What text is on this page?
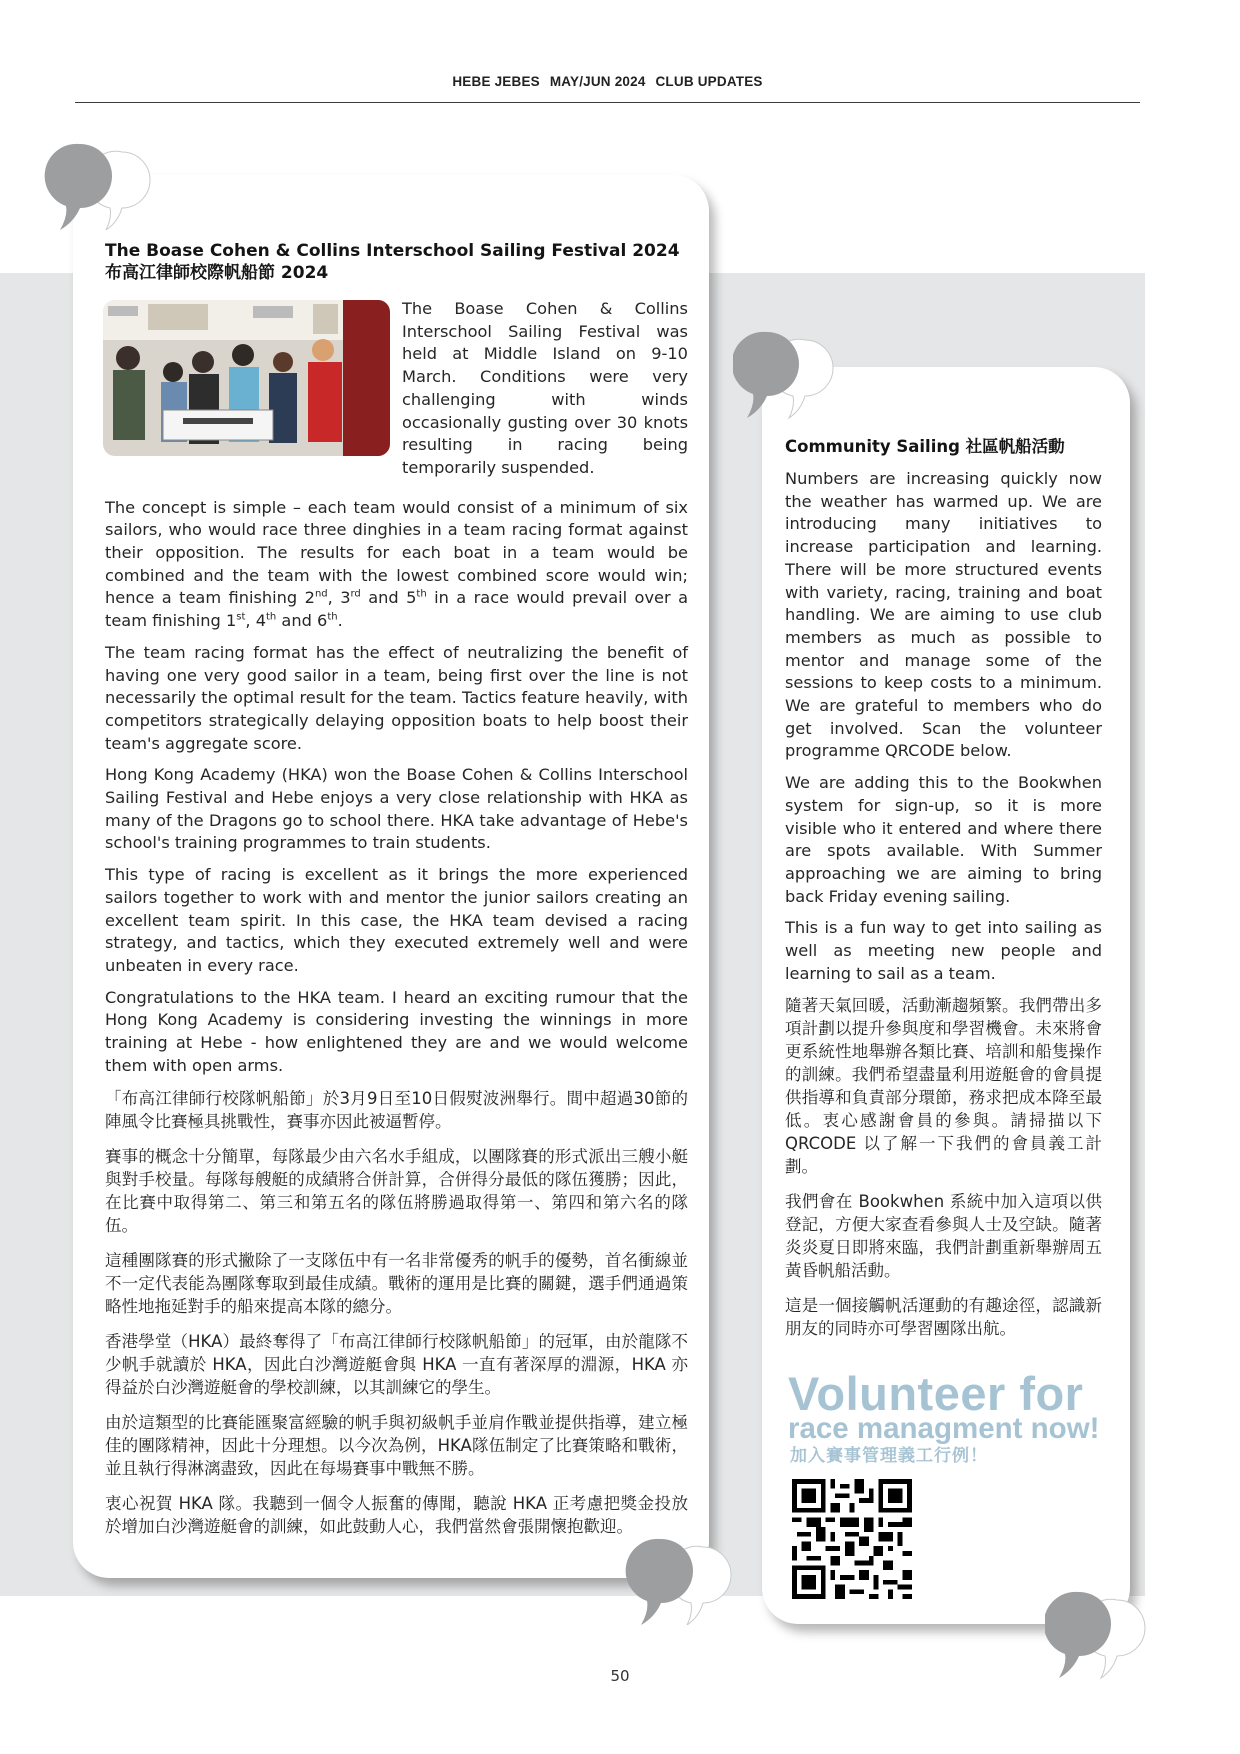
HEBE JEBES MAY/JUN 2024 CLUB UPDATES
The Boase Cohen & Collins Interschool Sailing Festival 2024
布高江律師校際帆船節 2024

The Boase Cohen & Collins Interschool Sailing Festival was held at Middle Island on 9-10 March. Conditions were very challenging with winds occasionally gusting over 30 knots resulting in racing being temporarily suspended.

The concept is simple – each team would consist of a minimum of six sailors, who would race three dinghies in a team racing format against their opposition. The results for each boat in a team would be combined and the team with the lowest combined score would win; hence a team finishing 2nd, 3rd and 5th in a race would prevail over a team finishing 1st, 4th and 6th.

The team racing format has the effect of neutralizing the benefit of having one very good sailor in a team, being first over the line is not necessarily the optimal result for the team. Tactics feature heavily, with competitors strategically delaying opposition boats to help boost their team's aggregate score.

Hong Kong Academy (HKA) won the Boase Cohen & Collins Interschool Sailing Festival and Hebe enjoys a very close relationship with HKA as many of the Dragons go to school there. HKA take advantage of Hebe's school's training programmes to train students.

This type of racing is excellent as it brings the more experienced sailors together to work with and mentor the junior sailors creating an excellent team spirit. In this case, the HKA team devised a racing strategy, and tactics, which they executed extremely well and were unbeaten in every race.

Congratulations to the HKA team. I heard an exciting rumour that the Hong Kong Academy is considering investing the winnings in more training at Hebe - how enlightened they are and we would welcome them with open arms.

「布高江律師行校隊帆船節」於3月9日至10日假熨波洲舉行。間中超過30節的陣風令比賽極具挑戰性，賽事亦因此被逼暫停。

賽事的概念十分簡單，每隊最少由六名水手組成，以團隊賽的形式派出三艘小艇與對手校量。每隊每艘艇的成績將合併計算，合併得分最低的隊伍獲勝；因此，在比賽中取得第二、第三和第五名的隊伍將勝過取得第一、第四和第六名的隊伍。

這種團隊賽的形式撇除了一支隊伍中有一名非常優秀的帆手的優勢，首名衝線並不一定代表能為團隊奪取到最佳成績。戰術的運用是比賽的關鍵，選手們通過策略性地拖延對手的船來提高本隊的總分。

香港學堂（HKA）最終奪得了「布高江律師行校隊帆船節」的冠軍，由於龍隊不少帆手就讀於 HKA，因此白沙灣遊艇會與 HKA 一直有著深厚的淵源，HKA 亦得益於白沙灣遊艇會的學校訓練，以其訓練它的學生。

由於這類型的比賽能匯聚富經驗的帆手與初級帆手並肩作戰並提供指導，建立極佳的團隊精神，因此十分理想。以今次為例，HKA隊伍制定了比賽策略和戰術，並且執行得淋漓盡致，因此在每場賽事中戰無不勝。

衷心祝賀 HKA 隊。我聽到一個令人振奮的傳聞，聽說 HKA 正考慮把獎金投放於增加白沙灣遊艇會的訓練，如此鼓動人心，我們當然會張開懷抱歡迎。

Community Sailing 社區帆船活動

Numbers are increasing quickly now the weather has warmed up. We are introducing many initiatives to increase participation and learning. There will be more structured events with variety, racing, training and boat handling. We are aiming to use club members as much as possible to mentor and manage some of the sessions to keep costs to a minimum. We are grateful to members who do get involved. Scan the volunteer programme QRCODE below.

We are adding this to the Bookwhen system for sign-up, so it is more visible who it entered and where there are spots available. With Summer approaching we are aiming to bring back Friday evening sailing.

This is a fun way to get into sailing as well as meeting new people and learning to sail as a team.

隨著天氣回暖，活動漸趨頻繁。我們帶出多項計劃以提升參與度和學習機會。未來將會更系統性地舉辦各類比賽、培訓和船隻操作的訓練。我們希望盡量利用遊艇會的會員提供指導和負責部分環節，務求把成本降至最低。衷心感謝會員的參與。請掃描以下 QRCODE 以了解一下我們的會員義工計劃。

我們會在 Bookwhen 系統中加入這項以供登記，方便大家查看參與人士及空缺。隨著炎炎夏日即將來臨，我們計劃重新舉辦周五黃昏帆船活動。

這是一個接觸帆活運動的有趣途徑，認識新朋友的同時亦可學習團隊出航。

Volunteer for
race managment now!
加入賽事管理義工行例！
50
